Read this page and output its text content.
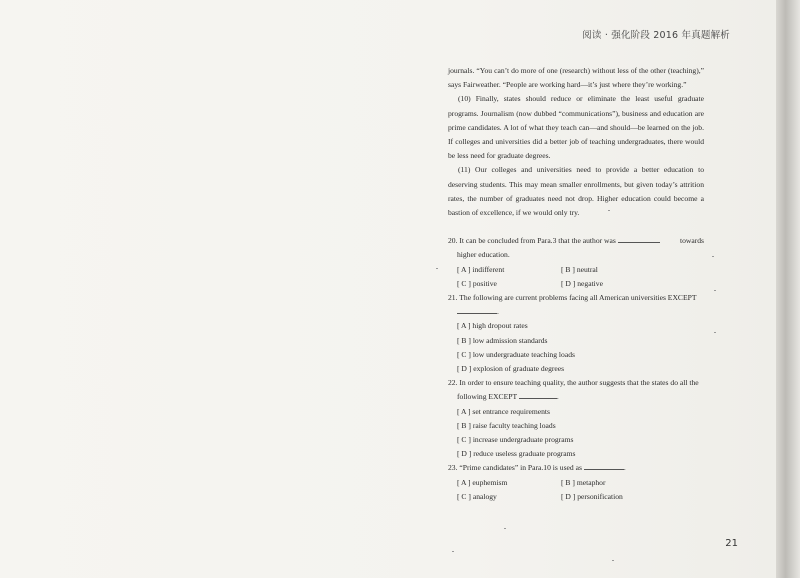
阅读 · 强化阶段 2016 年真题解析

journals. “You can’t do more of one (research) without less of the other (teaching),” says Fairweather. “People are working hard—it’s just where they’re working.”

(10) Finally, states should reduce or eliminate the least useful graduate programs. Journalism (now dubbed “communications”), business and education are prime candidates. A lot of what they teach can—and should—be learned on the job. If colleges and universities did a better job of teaching undergraduates, there would be less need for graduate degrees.

(11) Our colleges and universities need to provide a better education to deserving students. This may mean smaller enrollments, but given today’s attrition rates, the number of graduates need not drop. Higher education could become a bastion of excellence, if we would only try.

20. It can be concluded from Para.3 that the author was	towards

higher education.

[ A ] indifferent	[ B ] neutral
[ C ] positive	[ D ] negative

21. The following are current problems facing all American universities EXCEPT

.

[ A ] high dropout rates

[ B ] low admission standards

[ C ] low undergraduate teaching loads

[ D ] explosion of graduate degrees

22. In order to ensure teaching quality, the author suggests that the states do all the

following EXCEPT	.

[ A ] set entrance requirements

[ B ] raise faculty teaching loads

[ C ] increase undergraduate programs

[ D ] reduce useless graduate programs

23. “Prime candidates” in Para.10 is used as	.

[ A ] euphemism	[ B ] metaphor
[ C ] analogy	[ D ] personification
21
